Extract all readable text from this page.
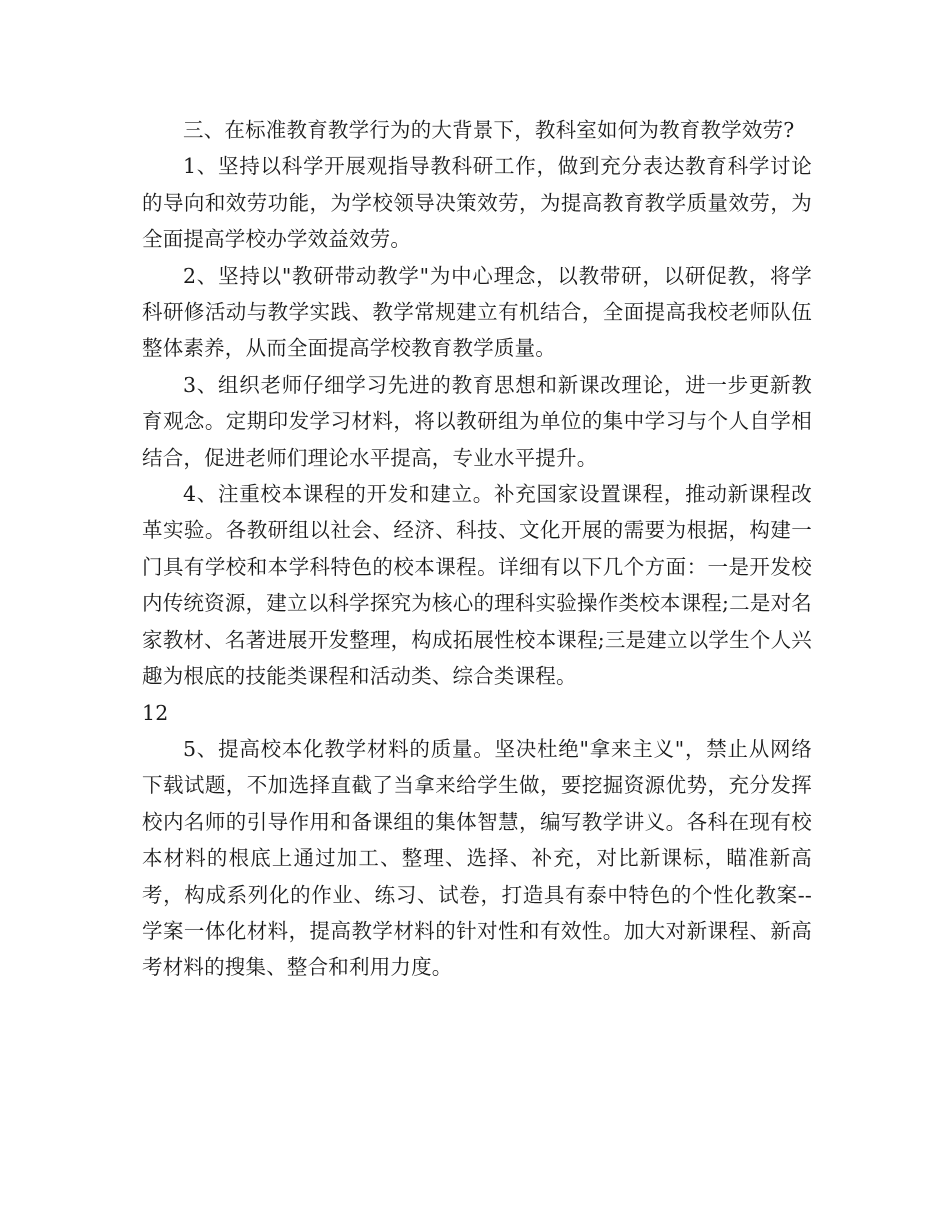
三、在标准教育教学行为的大背景下，教科室如何为教育教学效劳?

1、坚持以科学开展观指导教科研工作，做到充分表达教育科学讨论的导向和效劳功能，为学校领导决策效劳，为提高教育教学质量效劳，为全面提高学校办学效益效劳。

2、坚持以"教研带动教学"为中心理念，以教带研，以研促教，将学科研修活动与教学实践、教学常规建立有机结合，全面提高我校老师队伍整体素养，从而全面提高学校教育教学质量。

3、组织老师仔细学习先进的教育思想和新课改理论，进一步更新教育观念。定期印发学习材料，将以教研组为单位的集中学习与个人自学相结合，促进老师们理论水平提高，专业水平提升。

4、注重校本课程的开发和建立。补充国家设置课程，推动新课程改革实验。各教研组以社会、经济、科技、文化开展的需要为根据，构建一门具有学校和本学科特色的校本课程。详细有以下几个方面：一是开发校内传统资源，建立以科学探究为核心的理科实验操作类校本课程;二是对名家教材、名著进展开发整理，构成拓展性校本课程;三是建立以学生个人兴趣为根底的技能类课程和活动类、综合类课程。

12

5、提高校本化教学材料的质量。坚决杜绝"拿来主义"，禁止从网络下载试题，不加选择直截了当拿来给学生做，要挖掘资源优势，充分发挥校内名师的引导作用和备课组的集体智慧，编写教学讲义。各科在现有校本材料的根底上通过加工、整理、选择、补充，对比新课标，瞄准新高考，构成系列化的作业、练习、试卷，打造具有泰中特色的个性化教案--学案一体化材料，提高教学材料的针对性和有效性。加大对新课程、新高考材料的搜集、整合和利用力度。
